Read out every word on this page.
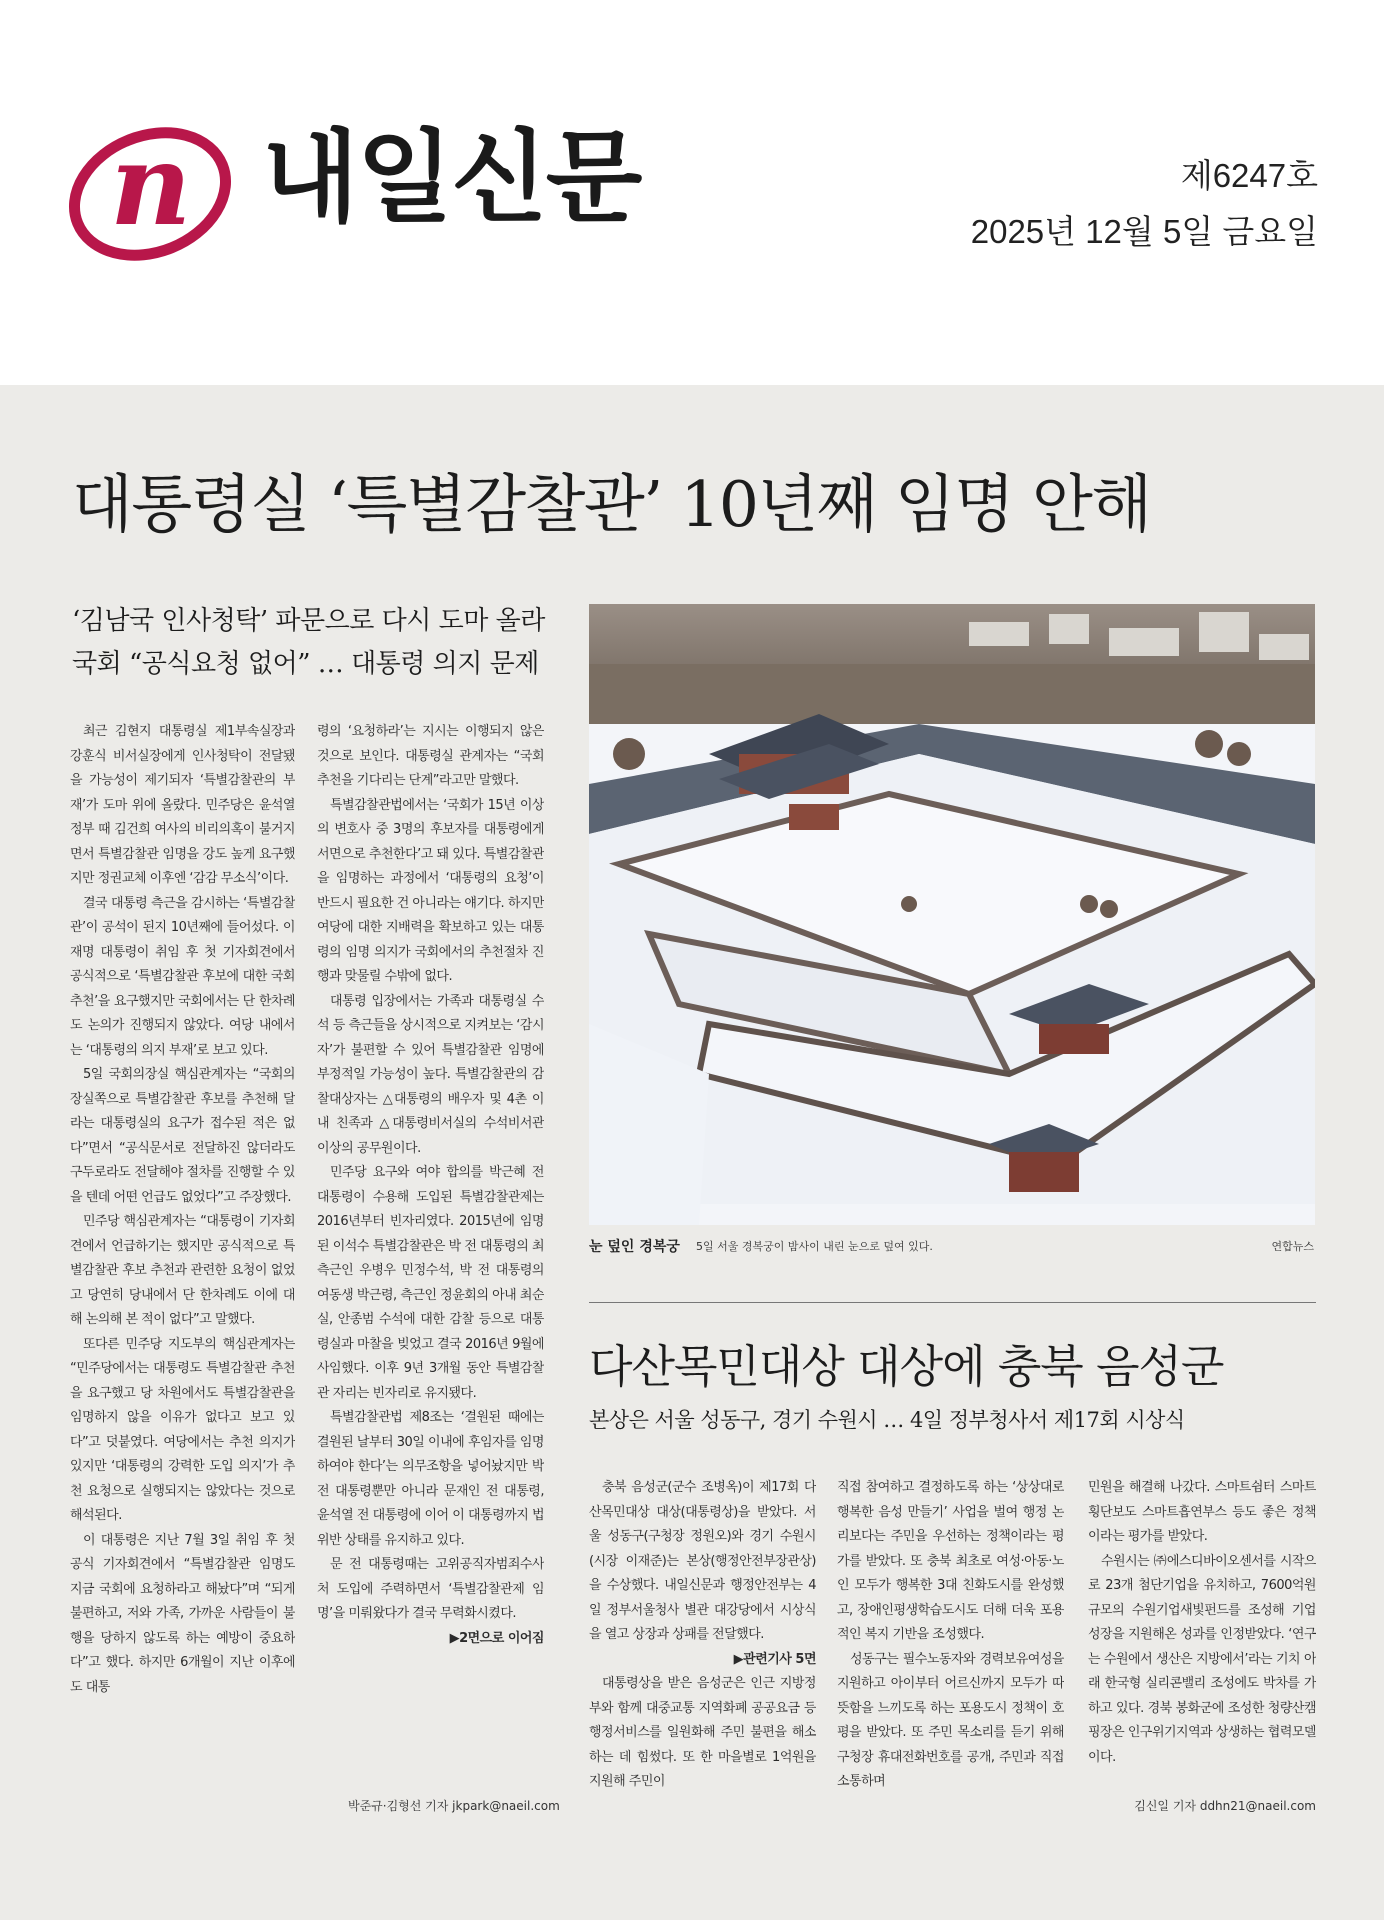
n 내일신문	제6247호
2025년 12월 5일 금요일
대통령실 ‘특별감찰관’ 10년째 임명 안해
‘김남국 인사청탁’ 파문으로 다시 도마 올라
국회 “공식요청 없어” … 대통령 의지 문제

최근 김현지 대통령실 제1부속실장과 강훈식 비서실장에게 인사청탁이 전달됐을 가능성이 제기되자 ‘특별감찰관의 부재’가 도마 위에 올랐다. 민주당은 윤석열정부 때 김건희 여사의 비리의혹이 불거지면서 특별감찰관 임명을 강도 높게 요구했지만 정권교체 이후엔 ‘감감 무소식’이다.

결국 대통령 측근을 감시하는 ‘특별감찰관’이 공석이 된지 10년째에 들어섰다. 이재명 대통령이 취임 후 첫 기자회견에서 공식적으로 ‘특별감찰관 후보에 대한 국회 추천’을 요구했지만 국회에서는 단 한차례도 논의가 진행되지 않았다. 여당 내에서는 ‘대통령의 의지 부재’로 보고 있다.

5일 국회의장실 핵심관계자는 “국회의장실쪽으로 특별감찰관 후보를 추천해 달라는 대통령실의 요구가 접수된 적은 없다”면서 “공식문서로 전달하진 않더라도 구두로라도 전달해야 절차를 진행할 수 있을 텐데 어떤 언급도 없었다”고 주장했다.

민주당 핵심관계자는 “대통령이 기자회견에서 언급하기는 했지만 공식적으로 특별감찰관 후보 추천과 관련한 요청이 없었고 당연히 당내에서 단 한차례도 이에 대해 논의해 본 적이 없다”고 말했다.

또다른 민주당 지도부의 핵심관계자는 “민주당에서는 대통령도 특별감찰관 추천을 요구했고 당 차원에서도 특별감찰관을 임명하지 않을 이유가 없다고 보고 있다”고 덧붙였다. 여당에서는 추천 의지가 있지만 ‘대통령의 강력한 도입 의지’가 추천 요청으로 실행되지는 않았다는 것으로 해석된다.

이 대통령은 지난 7월 3일 취임 후 첫 공식 기자회견에서 “특별감찰관 임명도 지금 국회에 요청하라고 해놨다”며 “되게 불편하고, 저와 가족, 가까운 사람들이 불행을 당하지 않도록 하는 예방이 중요하다”고 했다. 하지만 6개월이 지난 이후에도 대통

령의 ‘요청하라’는 지시는 이행되지 않은 것으로 보인다. 대통령실 관계자는 “국회 추천을 기다리는 단계”라고만 말했다.

특별감찰관법에서는 ‘국회가 15년 이상의 변호사 중 3명의 후보자를 대통령에게 서면으로 추천한다’고 돼 있다. 특별감찰관을 임명하는 과정에서 ‘대통령의 요청’이 반드시 필요한 건 아니라는 얘기다. 하지만 여당에 대한 지배력을 확보하고 있는 대통령의 임명 의지가 국회에서의 추천절차 진행과 맞물릴 수밖에 없다.

대통령 입장에서는 가족과 대통령실 수석 등 측근들을 상시적으로 지켜보는 ‘감시자’가 불편할 수 있어 특별감찰관 임명에 부정적일 가능성이 높다. 특별감찰관의 감찰대상자는 △대통령의 배우자 및 4촌 이내 친족과 △대통령비서실의 수석비서관 이상의 공무원이다.

민주당 요구와 여야 합의를 박근혜 전 대통령이 수용해 도입된 특별감찰관제는 2016년부터 빈자리였다. 2015년에 임명된 이석수 특별감찰관은 박 전 대통령의 최측근인 우병우 민정수석, 박 전 대통령의 여동생 박근령, 측근인 정윤회의 아내 최순실, 안종범 수석에 대한 감찰 등으로 대통령실과 마찰을 빚었고 결국 2016년 9월에 사임했다. 이후 9년 3개월 동안 특별감찰관 자리는 빈자리로 유지됐다.

특별감찰관법 제8조는 ‘결원된 때에는 결원된 날부터 30일 이내에 후임자를 임명하여야 한다’는 의무조항을 넣어놨지만 박 전 대통령뿐만 아니라 문재인 전 대통령, 윤석열 전 대통령에 이어 이 대통령까지 법 위반 상태를 유지하고 있다.

문 전 대통령때는 고위공직자범죄수사처 도입에 주력하면서 ‘특별감찰관제 임명’을 미뤄왔다가 결국 무력화시켰다.

▶2면으로 이어짐
박준규·김형선 기자 jkpark@naeil.com
눈 덮인 경복궁 5일 서울 경복궁이 밤사이 내린 눈으로 덮여 있다.	연합뉴스
다산목민대상 대상에 충북 음성군
본상은 서울 성동구, 경기 수원시 … 4일 정부청사서 제17회 시상식

충북 음성군(군수 조병옥)이 제17회 다산목민대상 대상(대통령상)을 받았다. 서울 성동구(구청장 정원오)와 경기 수원시(시장 이재준)는 본상(행정안전부장관상)을 수상했다. 내일신문과 행정안전부는 4일 정부서울청사 별관 대강당에서 시상식을 열고 상장과 상패를 전달했다.

▶관련기사 5면

대통령상을 받은 음성군은 인근 지방정부와 함께 대중교통 지역화폐 공공요금 등 행정서비스를 일원화해 주민 불편을 해소하는 데 힘썼다. 또 한 마을별로 1억원을 지원해 주민이

직접 참여하고 결정하도록 하는 ‘상상대로 행복한 음성 만들기’ 사업을 벌여 행정 논리보다는 주민을 우선하는 정책이라는 평가를 받았다. 또 충북 최초로 여성·아동·노인 모두가 행복한 3대 친화도시를 완성했고, 장애인평생학습도시도 더해 더욱 포용적인 복지 기반을 조성했다.

성동구는 필수노동자와 경력보유여성을 지원하고 아이부터 어르신까지 모두가 따뜻함을 느끼도록 하는 포용도시 정책이 호평을 받았다. 또 주민 목소리를 듣기 위해 구청장 휴대전화번호를 공개, 주민과 직접 소통하며

민원을 해결해 나갔다. 스마트쉼터 스마트횡단보도 스마트흡연부스 등도 좋은 정책이라는 평가를 받았다.

수원시는 ㈜에스디바이오센서를 시작으로 23개 첨단기업을 유치하고, 7600억원 규모의 수원기업새빛펀드를 조성해 기업 성장을 지원해온 성과를 인정받았다. ‘연구는 수원에서 생산은 지방에서’라는 기치 아래 한국형 실리콘밸리 조성에도 박차를 가하고 있다. 경북 봉화군에 조성한 청량산캠핑장은 인구위기지역과 상생하는 협력모델이다.

김신일 기자 ddhn21@naeil.com
